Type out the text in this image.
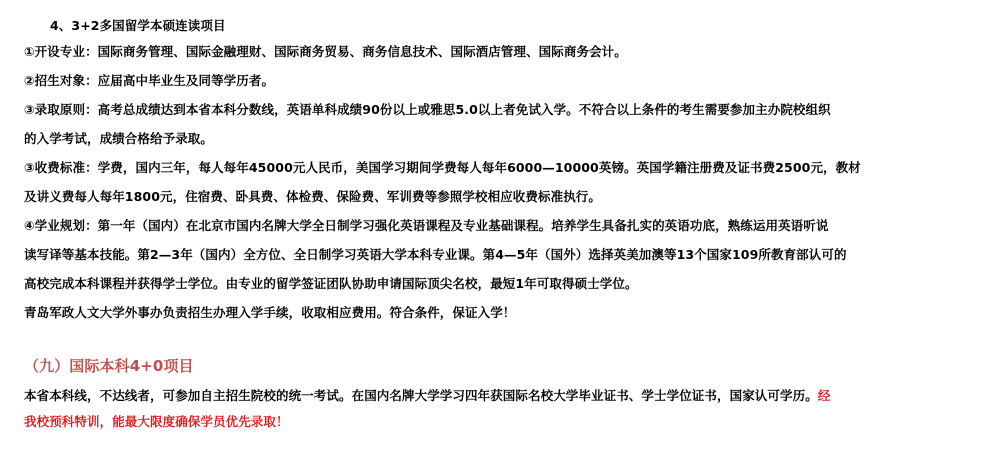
4、3+2多国留学本硕连读项目
①开设专业：国际商务管理、国际金融理财、国际商务贸易、商务信息技术、国际酒店管理、国际商务会计。
②招生对象：应届高中毕业生及同等学历者。
③录取原则：高考总成绩达到本省本科分数线，英语单科成绩90份以上或雅思5.0以上者免试入学。不符合以上条件的考生需要参加主办院校组织
的入学考试，成绩合格给予录取。
③收费标准：学费，国内三年，每人每年45000元人民币，美国学习期间学费每人每年6000—10000英镑。英国学籍注册费及证书费2500元，教材
及讲义费每人每年1800元，住宿费、卧具费、体检费、保险费、军训费等参照学校相应收费标准执行。
④学业规划：第一年（国内）在北京市国内名牌大学全日制学习强化英语课程及专业基础课程。培养学生具备扎实的英语功底，熟练运用英语听说
读写译等基本技能。第2—3年（国内）全方位、全日制学习英语大学本科专业课。第4—5年（国外）选择英美加澳等13个国家109所教育部认可的
高校完成本科课程并获得学士学位。由专业的留学签证团队协助申请国际顶尖名校，最短1年可取得硕士学位。
青岛军政人文大学外事办负责招生办理入学手续，收取相应费用。符合条件，保证入学！
（九）国际本科4+0项目
本省本科线，不达线者，可参加自主招生院校的统一考试。在国内名牌大学学习四年获国际名校大学毕业证书、学士学位证书，国家认可学历。经
我校预科特训，能最大限度确保学员优先录取！
